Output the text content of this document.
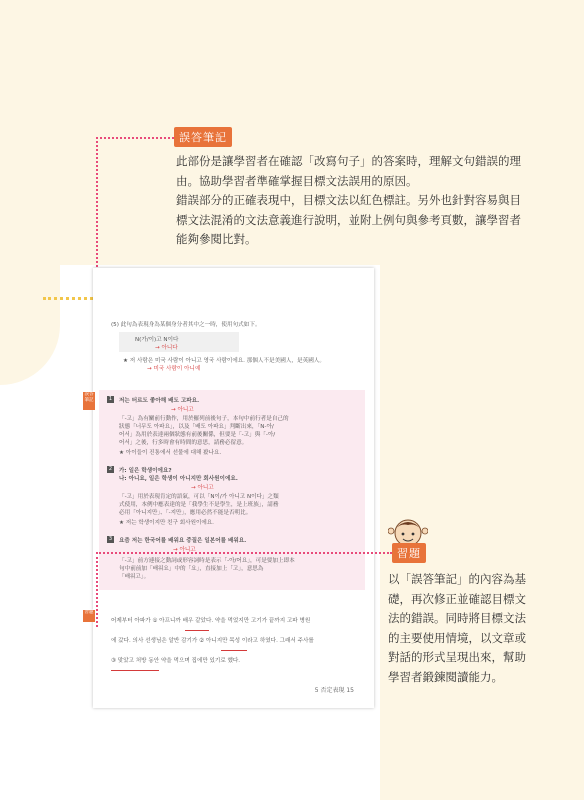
誤答筆記

此部份是讓學習者在確認「改寫句子」的答案時，理解文句錯誤的理

由。協助學習者準確掌握目標文法誤用的原因。

錯誤部分的正確表現中，目標文法以紅色標註。另外也針對容易與目

標文法混淆的文法意義進行說明，並附上例句與參考頁數，讓學習者

能夠參閱比對。

(5) 此句為表現身為某個身分者其中之一時，使用句式如下。
N(가/이)고 N이다
→ 아니다
★ 저 사람은 미국 사람이 아니고 영국 사람이에요. 那個人不是美國人，是英國人。
→ 미국 사람이 아니예
誤答筆記	1	저는 터르도 좋아해 배도 고파요.
→ 아니고
「-고」為有關前行動作，用於羅列前後句子，本句中前行者是自己的
狀態「너무도 아파요」，以及「배도 아파요」判斷出來，「N-아/
어서」為用於表達兩個狀態有前後關係，但要是「-고」與「-아/
어서」之後，行多時會有時間的意思，請務必留意。
★ 아이들이 진통에서 선물에 대해 봤나요.
2	가: 일은 학생이에요?
나: 아니요, 일은 학생이 아니지만 회사원이에요.
→ 아니고
「-고」用於表現肯定的語氣，可以「N이/가 아니고 N이다」之類
式使用，本例中應表達的是「我學生不是學生，是上班族」，請務
必用「아니지만」、「-지만」，應用必然不能是否明比。
★ 저는 학생이지만 친구 회사원이에요.
3	요즘 저는 한국어를 배워요 중질은 일본어를 배워요.
→ 아니고
「-고」前方連接之動詞或形容詞時是表示「-아/어요」，可是要加上即本
句中前前加「배워요」中的「요」，直接加上「고」，意思為
「배워고」。
習題
어제부터 아파가 ① 아프니까 배우 같았다. 약을 먹었지만 고기가 끝까지 고파 병원
에 갔다. 의사 선생님은 알반 감기가 ② 아니지만 목성 이라고 하였다. 그래서 주사를
③ 맞았고 처방 동안 약을 먹으며 집에만 있기로 했다.
5 否定表現 15
習題

以「誤答筆記」的內容為基

礎，再次修正並確認目標文

法的錯誤。同時將目標文法

的主要使用情境，以文章或

對話的形式呈現出來，幫助

學習者鍛鍊閱讀能力。
